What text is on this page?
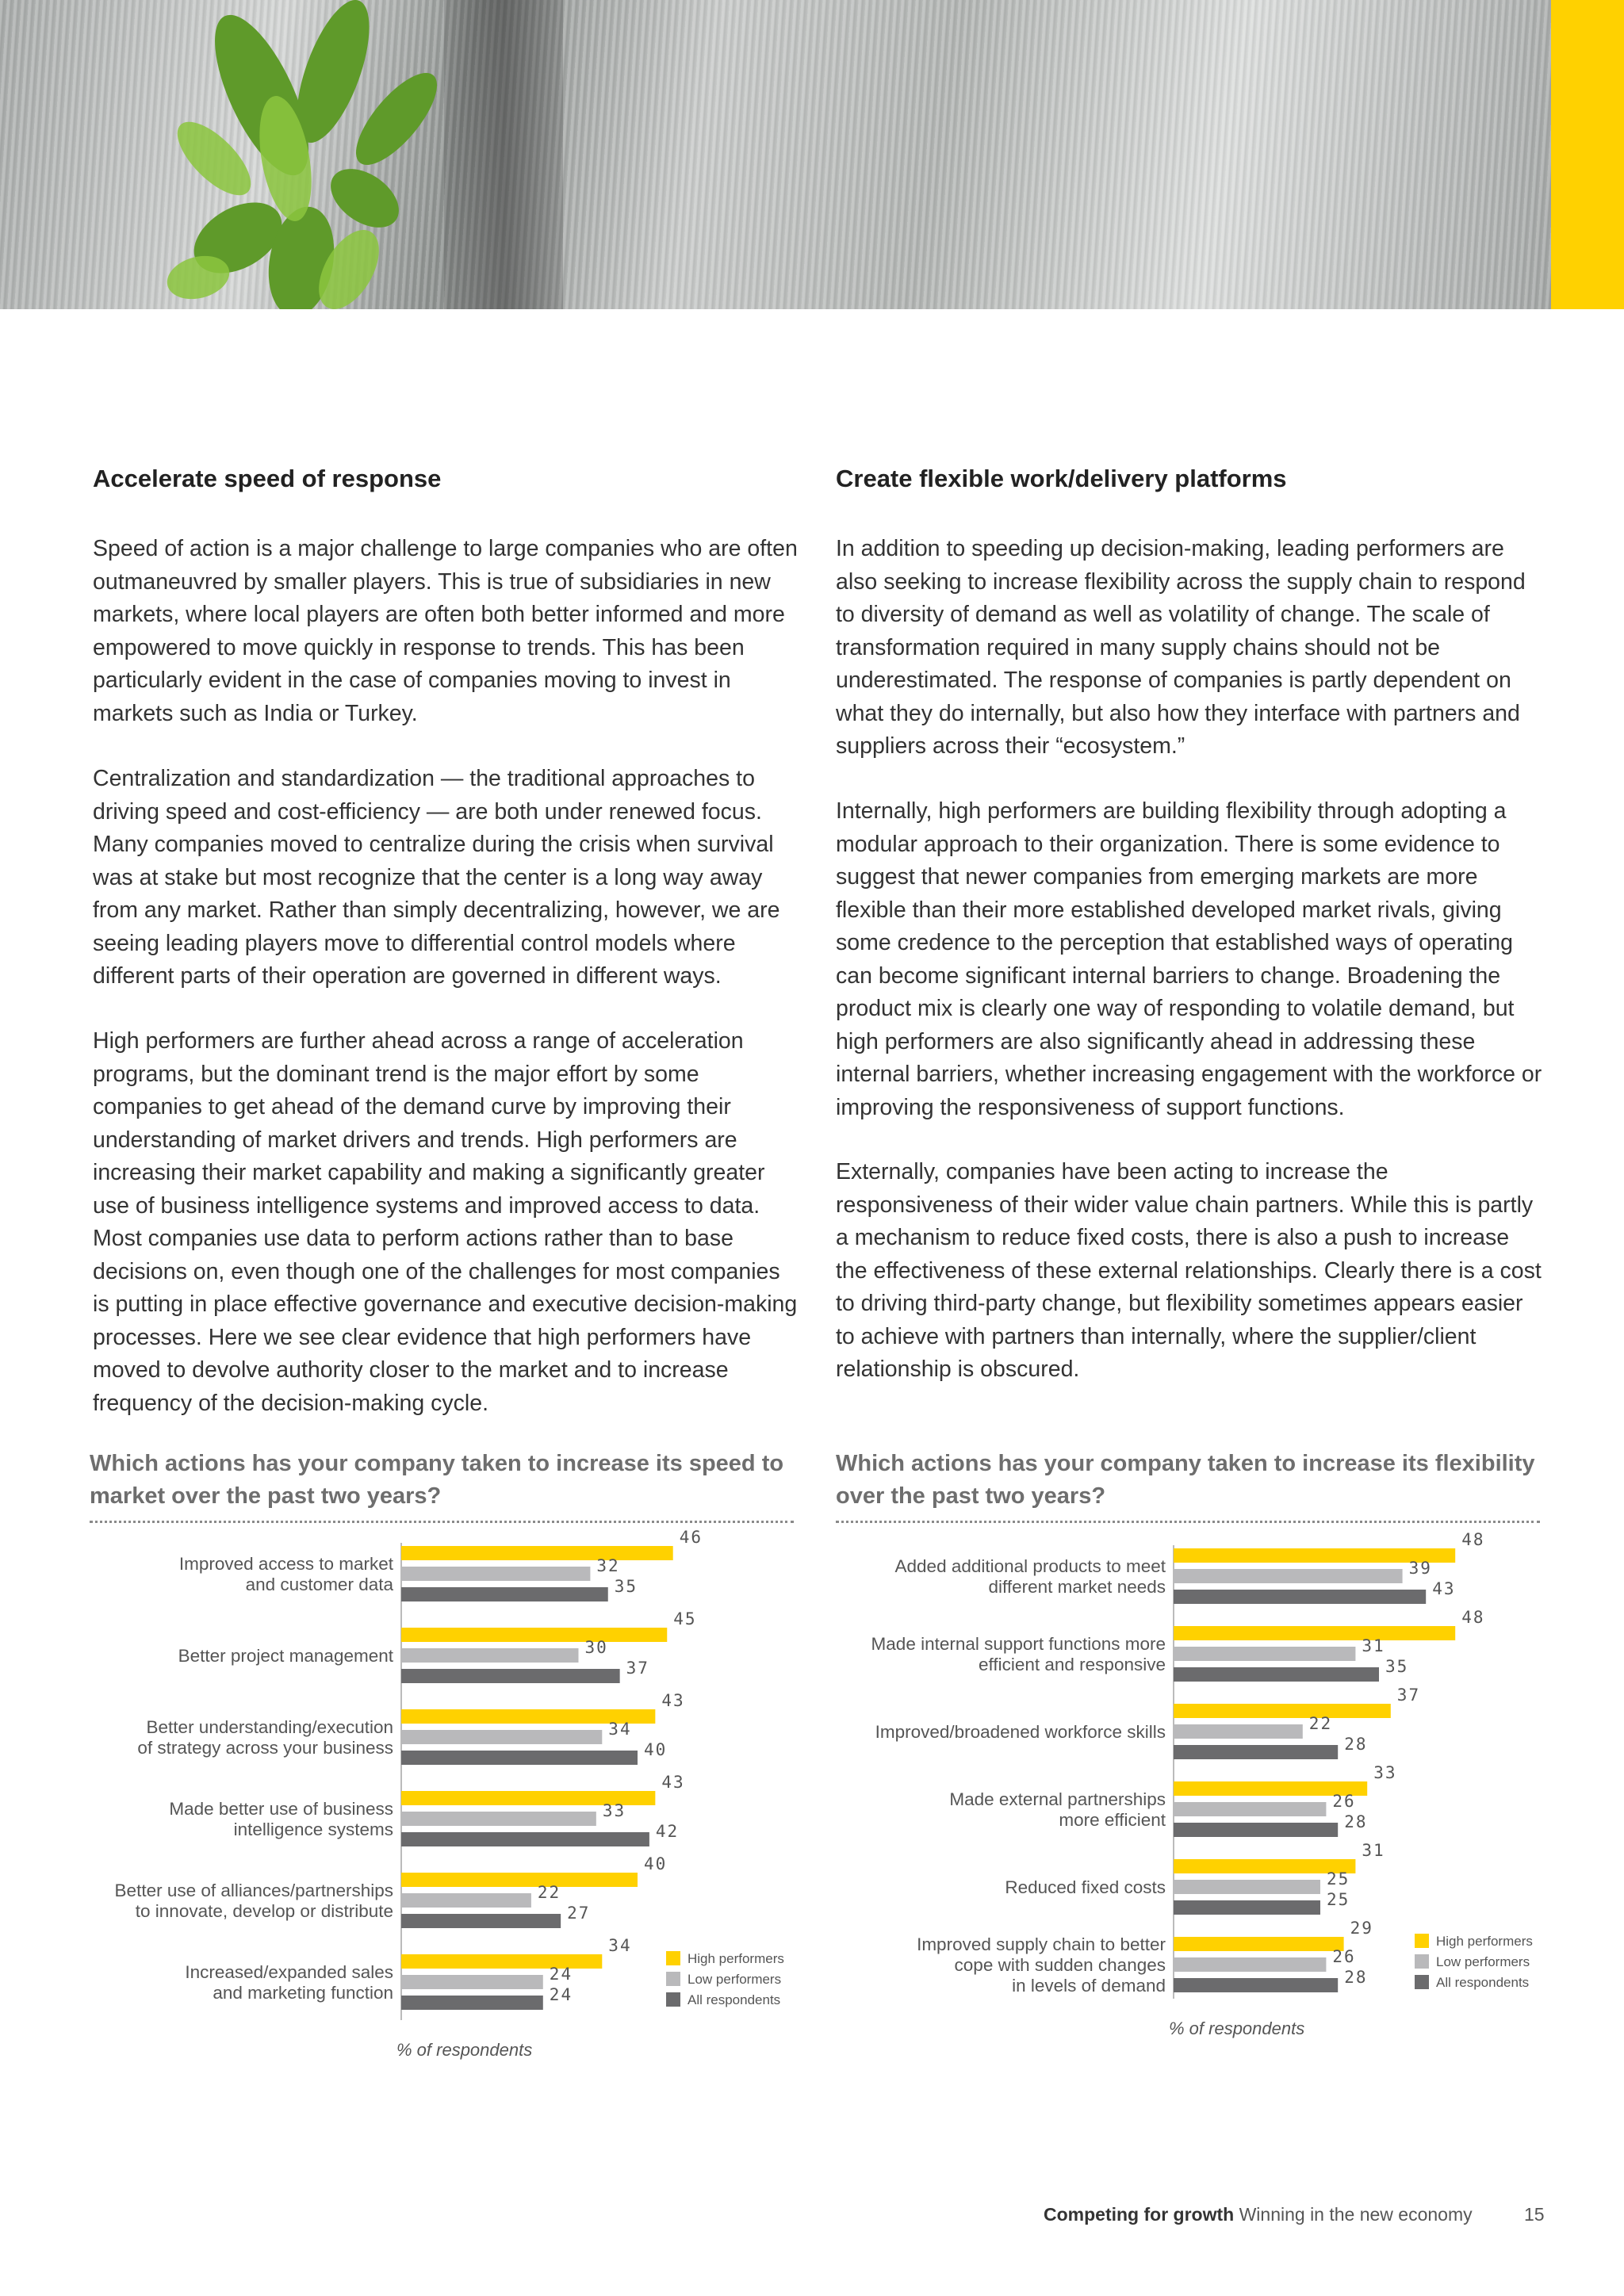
Accelerate speed of response

Speed of action is a major challenge to large companies who are often outmaneuvred by smaller players. This is true of subsidiaries in new markets, where local players are often both better informed and more empowered to move quickly in response to trends. This has been particularly evident in the case of companies moving to invest in markets such as India or Turkey.

Centralization and standardization — the traditional approaches to driving speed and cost-efficiency — are both under renewed focus. Many companies moved to centralize during the crisis when survival was at stake but most recognize that the center is a long way away from any market. Rather than simply decentralizing, however, we are seeing leading players move to differential control models where different parts of their operation are governed in different ways.

High performers are further ahead across a range of acceleration programs, but the dominant trend is the major effort by some companies to get ahead of the demand curve by improving their understanding of market drivers and trends. High performers are increasing their market capability and making a significantly greater use of business intelligence systems and improved access to data. Most companies use data to perform actions rather than to base decisions on, even though one of the challenges for most companies is putting in place effective governance and executive decision-making processes. Here we see clear evidence that high performers have moved to devolve authority closer to the market and to increase frequency of the decision-making cycle.

Create flexible work/delivery platforms

In addition to speeding up decision-making, leading performers are also seeking to increase flexibility across the supply chain to respond to diversity of demand as well as volatility of change. The scale of transformation required in many supply chains should not be underestimated. The response of companies is partly dependent on what they do internally, but also how they interface with partners and suppliers across their “ecosystem.”

Internally, high performers are building flexibility through adopting a modular approach to their organization. There is some evidence to suggest that newer companies from emerging markets are more flexible than their more established developed market rivals, giving some credence to the perception that established ways of operating can become significant internal barriers to change. Broadening the product mix is clearly one way of responding to volatile demand, but high performers are also significantly ahead in addressing these internal barriers, whether increasing engagement with the workforce or improving the responsiveness of support functions.

Externally, companies have been acting to increase the responsiveness of their wider value chain partners. While this is partly a mechanism to reduce fixed costs, there is also a push to increase the effectiveness of these external relationships. Clearly there is a cost to driving third-party change, but flexibility sometimes appears easier to achieve with partners than internally, where the supplier/client relationship is obscured.

Which actions has your company taken to increase its speed to market over the past two years?

Improved access to market and customer data
46
32
35
Better project management
45
30
37
Better understanding/execution of strategy across your business
43
34
40
Made better use of business intelligence systems
43
33
42
Better use of alliances/partnerships to innovate, develop or distribute
40
22
27
Increased/expanded sales and marketing function
34
24
24
High performers
Low performers
All respondents
% of respondents

Which actions has your company taken to increase its flexibility over the past two years?

Added additional products to meet different market needs
48
39
43
Made internal support functions more efficient and responsive
48
31
35
Improved/broadened workforce skills
37
22
28
Made external partnerships more efficient
33
26
28
Reduced fixed costs
31
25
25
Improved supply chain to better cope with sudden changes in levels of demand
29
26
28
High performers
Low performers
All respondents
% of respondents
Competing for growth Winning in the new economy	15
